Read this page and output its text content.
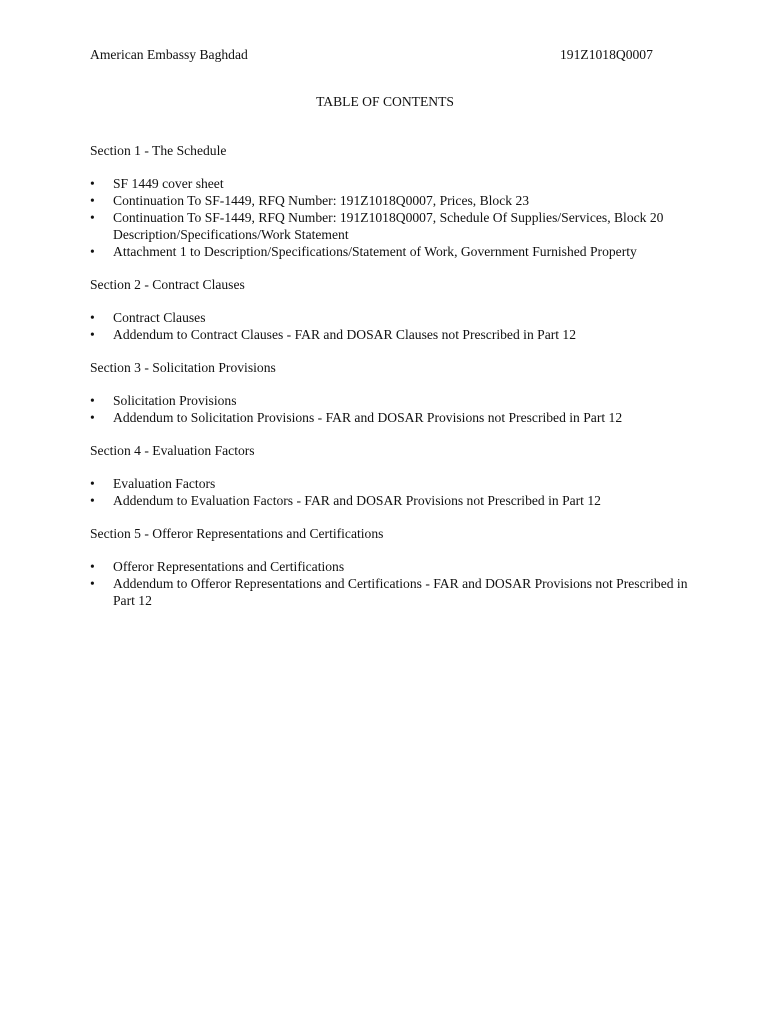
American Embassy Baghdad	191Z1018Q0007
TABLE OF CONTENTS

Section 1 - The Schedule

•	SF 1449 cover sheet
•	Continuation To SF-1449, RFQ Number: 191Z1018Q0007, Prices, Block 23
•	Continuation To SF-1449, RFQ Number: 191Z1018Q0007, Schedule Of Supplies/Services, Block 20 Description/Specifications/Work Statement
•	Attachment 1 to Description/Specifications/Statement of Work, Government Furnished Property

Section 2 - Contract Clauses

•	Contract Clauses
•	Addendum to Contract Clauses - FAR and DOSAR Clauses not Prescribed in Part 12

Section 3 - Solicitation Provisions

•	Solicitation Provisions
•	Addendum to Solicitation Provisions - FAR and DOSAR Provisions not Prescribed in Part 12

Section 4 - Evaluation Factors

•	Evaluation Factors
•	Addendum to Evaluation Factors - FAR and DOSAR Provisions not Prescribed in Part 12

Section 5 - Offeror Representations and Certifications

•	Offeror Representations and Certifications
•	Addendum to Offeror Representations and Certifications - FAR and DOSAR Provisions not Prescribed in Part 12
